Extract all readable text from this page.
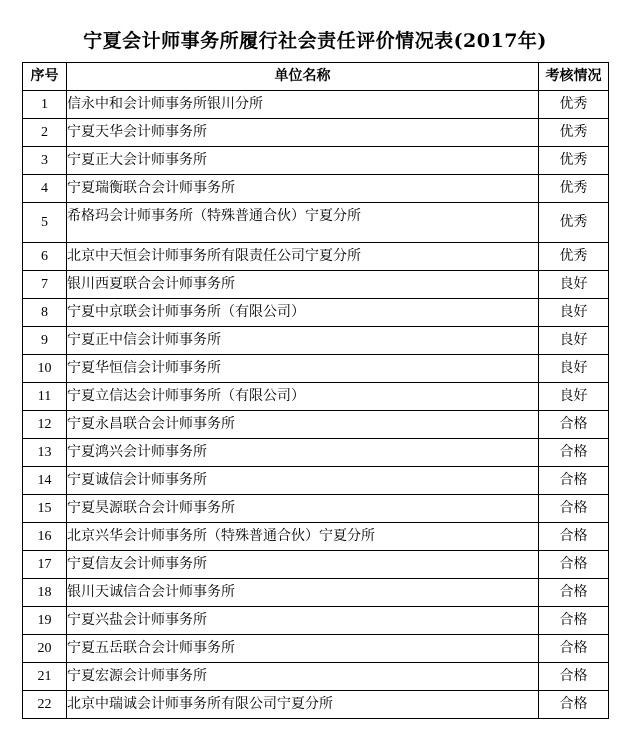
宁夏会计师事务所履行社会责任评价情况表(2017年)
序号	单位名称	考核情况
1	信永中和会计师事务所银川分所	优秀
2	宁夏天华会计师事务所	优秀
3	宁夏正大会计师事务所	优秀
4	宁夏瑞衡联合会计师事务所	优秀
5	希格玛会计师事务所（特殊普通合伙）宁夏分所	优秀
6	北京中天恒会计师事务所有限责任公司宁夏分所	优秀
7	银川西夏联合会计师事务所	良好
8	宁夏中京联会计师事务所（有限公司）	良好
9	宁夏正中信会计师事务所	良好
10	宁夏华恒信会计师事务所	良好
11	宁夏立信达会计师事务所（有限公司）	良好
12	宁夏永昌联合会计师事务所	合格
13	宁夏鸿兴会计师事务所	合格
14	宁夏诚信会计师事务所	合格
15	宁夏昊源联合会计师事务所	合格
16	北京兴华会计师事务所（特殊普通合伙）宁夏分所	合格
17	宁夏信友会计师事务所	合格
18	银川天诚信合会计师事务所	合格
19	宁夏兴盐会计师事务所	合格
20	宁夏五岳联合会计师事务所	合格
21	宁夏宏源会计师事务所	合格
22	北京中瑞诚会计师事务所有限公司宁夏分所	合格
